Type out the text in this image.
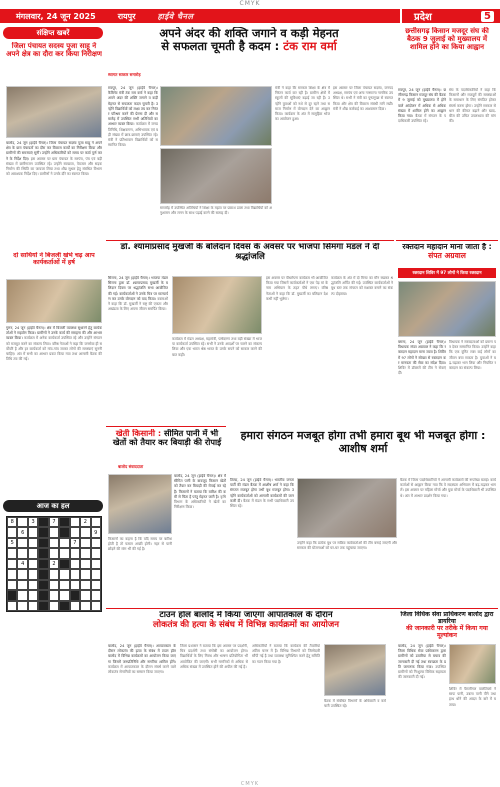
CMYK
मंगलवार, 24 जून 2025	रायपुर	हाईवे चैनल	प्रदेश	5
संक्षिप्त खबरें
जिला पंचायत सदस्य पूजा साहू ने अपने क्षेत्र का दौरा कर किया निरीक्षण
बालोद, 24 जून (हाईवे चैनल)। जिला पंचायत सदस्य पूजा साहू ने अपने क्षेत्र के ग्राम पंचायतों का दौरा कर विकास कार्यों का निरीक्षण किया और ग्रामीणों की समस्याएं सुनीं। उन्होंने अधिकारियों को समय पर कार्य पूर्ण करने के निर्देश दिए। इस अवसर पर ग्राम पंचायत के सरपंच, पंच एवं बड़ी संख्या में ग्रामीणजन उपस्थित रहे। उन्होंने स्वच्छता, पेयजल और सड़क निर्माण की स्थिति का जायजा लिया तथा शीघ्र सुधार हेतु संबंधित विभाग को आवश्यक निर्देश दिए। ग्रामीणों ने उनके दौरे का स्वागत किया।
दो साथियों ने बिजली खंभे चढ़ आप कार्यकर्ताओं में हर्ष
गुरूर, 24 जून (हाईवे चैनल)। क्षेत्र में बिजली व्यवस्था सुधारने हेतु कार्यकर्ताओं ने सहयोग किया। ग्रामीणों ने उनके कार्य की सराहना की और आभार व्यक्त किया। कार्यक्रम में अनेक कार्यकर्ता उपस्थित रहे और उन्होंने संगठन को मजबूत करने का संकल्प लिया। वरिष्ठ नेताओं ने कहा कि जनसेवा ही सर्वोपरि है और हर कार्यकर्ता को गांव-गांव जाकर लोगों की समस्याएं सुननी चाहिए। अंत में सभी का आभार प्रकट किया गया तथा आगामी बैठक की तिथि तय की गई।
अपने अंदर की शक्ति जगाने व कड़ी मेहनत
से सफलता चूमती है कदम : टंक राम वर्मा
स्वागत सत्कार समारोह
रायपुर, 24 जून (हाईवे चैनल)। कैबिनेट मंत्री टंक राम वर्मा ने कहा कि अपने अंदर की शक्ति जगाने व कड़ी मेहनत से सफलता कदम चूमती है। उन्होंने विद्यार्थियों को लक्ष्य तय कर निरंतर परिश्रम करने की प्रेरणा दी और समारोह में उपस्थित सभी अतिथियों का आभार व्यक्त किया। कार्यक्रम में जनप्रतिनिधि, शिक्षकगण, अभिभावक एवं बड़ी संख्या में छात्र-छात्राएं उपस्थित रहे। मंत्री ने प्रतिभावान विद्यार्थियों को सम्मानित किया।
समारोह में उपस्थित अतिथियों ने शिक्षा के महत्व पर प्रकाश डाला तथा विद्यार्थियों को अनुशासन और लगन के साथ पढ़ाई करने की सलाह दी।
मंत्री ने कहा कि सरकार शिक्षा के क्षेत्र में निरंतर कार्य कर रही है। ग्रामीण क्षेत्रों में स्कूलों की सुविधाएं बढ़ाई जा रही हैं। उन्होंने युवाओं को नशे से दूर रहने तथा समाज निर्माण में योगदान देने का आह्वान किया। कार्यक्रम के अंत में सामूहिक भोज का आयोजन हुआ।
इस अवसर पर जिला पंचायत सदस्य, जनपद अध्यक्ष, सरपंच एवं अन्य गणमान्य नागरिक उपस्थित थे। सभी ने मंत्री का पुष्पगुच्छ से स्वागत किया और क्षेत्र की विकास संबंधी मांगें रखीं। मंत्री ने शीघ्र कार्रवाई का आश्वासन दिया।
डॉ. श्यामाप्रसाद मुखर्जी के बलिदान दिवस के अवसर पर भाजपा सिमगा मंडल ने दी श्रद्धांजलि
सिमगा, 24 जून (हाईवे चैनल)। भाजपा मंडल सिमगा द्वारा डॉ. श्यामाप्रसाद मुखर्जी के बलिदान दिवस पर श्रद्धांजलि सभा आयोजित की गई। कार्यकर्ताओं ने उनके चित्र पर माल्यार्पण कर उनके योगदान को याद किया। वक्ताओं ने कहा कि डॉ. मुखर्जी ने राष्ट्र की एकता और अखंडता के लिए अपना जीवन समर्पित किया।
कार्यक्रम में मंडल अध्यक्ष, महामंत्री, पार्षदगण तथा बड़ी संख्या में भाजपा कार्यकर्ता उपस्थित रहे। सभी ने उनके आदर्शों पर चलने का संकल्प लिया और एक भारत श्रेष्ठ भारत के उनके सपने को साकार करने की बात कही।
इस अवसर पर पौधरोपण कार्यक्रम भी आयोजित किया गया जिसमें कार्यकर्ताओं ने एक पेड़ मां के नाम अभियान के तहत पौधे लगाए। वरिष्ठ नेताओं ने कहा कि डॉ. मुखर्जी का बलिदान देश कभी नहीं भूलेगा।
कार्यक्रम के अंत में दो मिनट का मौन रखकर श्रद्धांजलि अर्पित की गई। उपस्थित कार्यकर्ताओं ने बूथ स्तर तक संगठन को सशक्त बनाने का संकल्प दोहराया।
खेती किसानी : सीमित पानी में भी
खेतों को तैयार कर बियाड़ी की रोपाई
बालोद संवाददाता
बालोद, 24 जून (हाईवे चैनल)। क्षेत्र में सीमित पानी के बावजूद किसान खेतों को तैयार कर बियाड़ी की रोपाई कर रहे हैं। किसानों ने बताया कि बारिश की कमी से चिंता है परंतु मेहनत जारी है। कृषि विभाग के अधिकारियों ने खेतों का निरीक्षण किया।
किसानों का कहना है कि यदि समय पर बारिश होती है तो फसल अच्छी होगी। नहर से पानी छोड़ने की मांग भी की गई है।
आज का हल
8	3	7	2
6	9
5	7
4	2
हमारा संगठन मजबूत होगा तभी हमारा बूथ भी मजबूत होगा : आशीष शर्मा
तिल्दा, 24 जून (हाईवे चैनल)। भारतीय जनता पार्टी की मंडल बैठक में आशीष शर्मा ने कहा कि संगठन मजबूत होगा तभी बूथ मजबूत होगा। उन्होंने कार्यकर्ताओं को आगामी कार्यक्रमों की जानकारी दी। बैठक में मंडल के सभी पदाधिकारी उपस्थित रहे।
उन्होंने कहा कि प्रत्येक बूथ पर सक्रिय कार्यकर्ताओं की टीम बनाई जाएगी और सरकार की योजनाओं को घर-घर तक पहुंचाया जाएगा।
बैठक में जिला पदाधिकारियों ने आगामी कार्यक्रमों की रूपरेखा बताई। कार्यकर्ताओं से आह्वान किया गया कि वे सदस्यता अभियान में बढ़-चढ़कर भाग लें। इस अवसर पर महिला मोर्चा और युवा मोर्चा के पदाधिकारी भी उपस्थित थे। अंत में आभार प्रदर्शन किया गया।
टाउन हॉल बालोद में किया जाएगा आपातकाल के दौरान
लोकतंत्र की हत्या के संबंध में विभिन्न कार्यक्रमों का आयोजन
बालोद, 24 जून (हाईवे चैनल)। आपातकाल के दौरान लोकतंत्र की हत्या के संबंध में टाउन हॉल बालोद में विभिन्न कार्यक्रमों का आयोजन किया जाएगा जिसमें जनप्रतिनिधि और नागरिक शामिल होंगे। कार्यक्रम में आपातकाल के दौरान संघर्ष करने वाले लोकतंत्र सेनानियों का सम्मान किया जाएगा।
जिला प्रशासन ने बताया कि इस अवसर पर प्रदर्शनी, चित्र प्रदर्शनी तथा संगोष्ठी का आयोजन होगा। विद्यार्थियों के लिए निबंध और भाषण प्रतियोगिता भी आयोजित की जाएगी। सभी नागरिकों से अधिक से अधिक संख्या में उपस्थित होने की अपील की गई है।
अधिकारियों ने बताया कि कार्यक्रम की तैयारियां अंतिम चरण में हैं। विभिन्न विभागों को जिम्मेदारी सौंपी गई है तथा व्यवस्था सुनिश्चित करने हेतु समिति का गठन किया गया है।
बैठक में संबंधित विभागों के अधिकारी व कर्मचारी उपस्थित रहे।
छत्तीसगढ़ किसान मजदूर संघ की बैठक 9 जुलाई को मुख्यालय में शामिल होने का किया आह्वान
रायपुर, 24 जून (हाईवे चैनल)। छत्तीसगढ़ किसान मजदूर संघ की बैठक में 9 जुलाई को मुख्यालय में होने वाले आंदोलन में अधिक से अधिक संख्या में शामिल होने का आह्वान किया गया। बैठक में संगठन के पदाधिकारी उपस्थित रहे।
संघ के पदाधिकारियों ने कहा कि किसानों और मजदूरों की समस्याओं के समाधान के लिए संगठित होकर संघर्ष करना होगा। उन्होंने सरकार से धान की कीमत बढ़ाने और खाद-बीज की उचित उपलब्धता की मांग की।
रक्तदान महादान माना जाता है : संपत अग्रवाल
रक्तदान शिविर में 97 लोगों ने किया रक्तदान
बसना, 24 जून (हाईवे चैनल)। विधायक संपत अग्रवाल ने कहा कि रक्तदान महादान माना जाता है। शिविर में 97 लोगों ने स्वेच्छा से रक्तदान कर मानवता की सेवा का संदेश दिया। शिविर में डॉक्टरों की टीम ने सेवाएं दीं।
विधायक ने रक्तदाताओं को प्रमाण पत्र देकर सम्मानित किया। उन्होंने कहा कि एक यूनिट रक्त कई लोगों का जीवन बचा सकता है। युवाओं ने बढ़-चढ़कर भाग लिया और नियमित रक्तदान का संकल्प लिया।
जिला विधिक सेवा प्राधिकरण बालोद द्वारा डायरिया
की जानकारी पर तरीके में किया गया मूल्यांकन
बालोद, 24 जून (हाईवे चैनल)। जिला विधिक सेवा प्राधिकरण द्वारा ग्रामीणों को डायरिया से बचाव की जानकारी दी गई तथा स्वच्छता के प्रति जागरूक किया गया। उपस्थित ग्रामीणों को निःशुल्क विधिक सहायता की जानकारी दी गई।
शिविर में पैरालीगल वालंटियर्स ने साफ पानी, उबला पानी पीने तथा हाथ धोने की आदत के बारे में बताया।
CMYK
